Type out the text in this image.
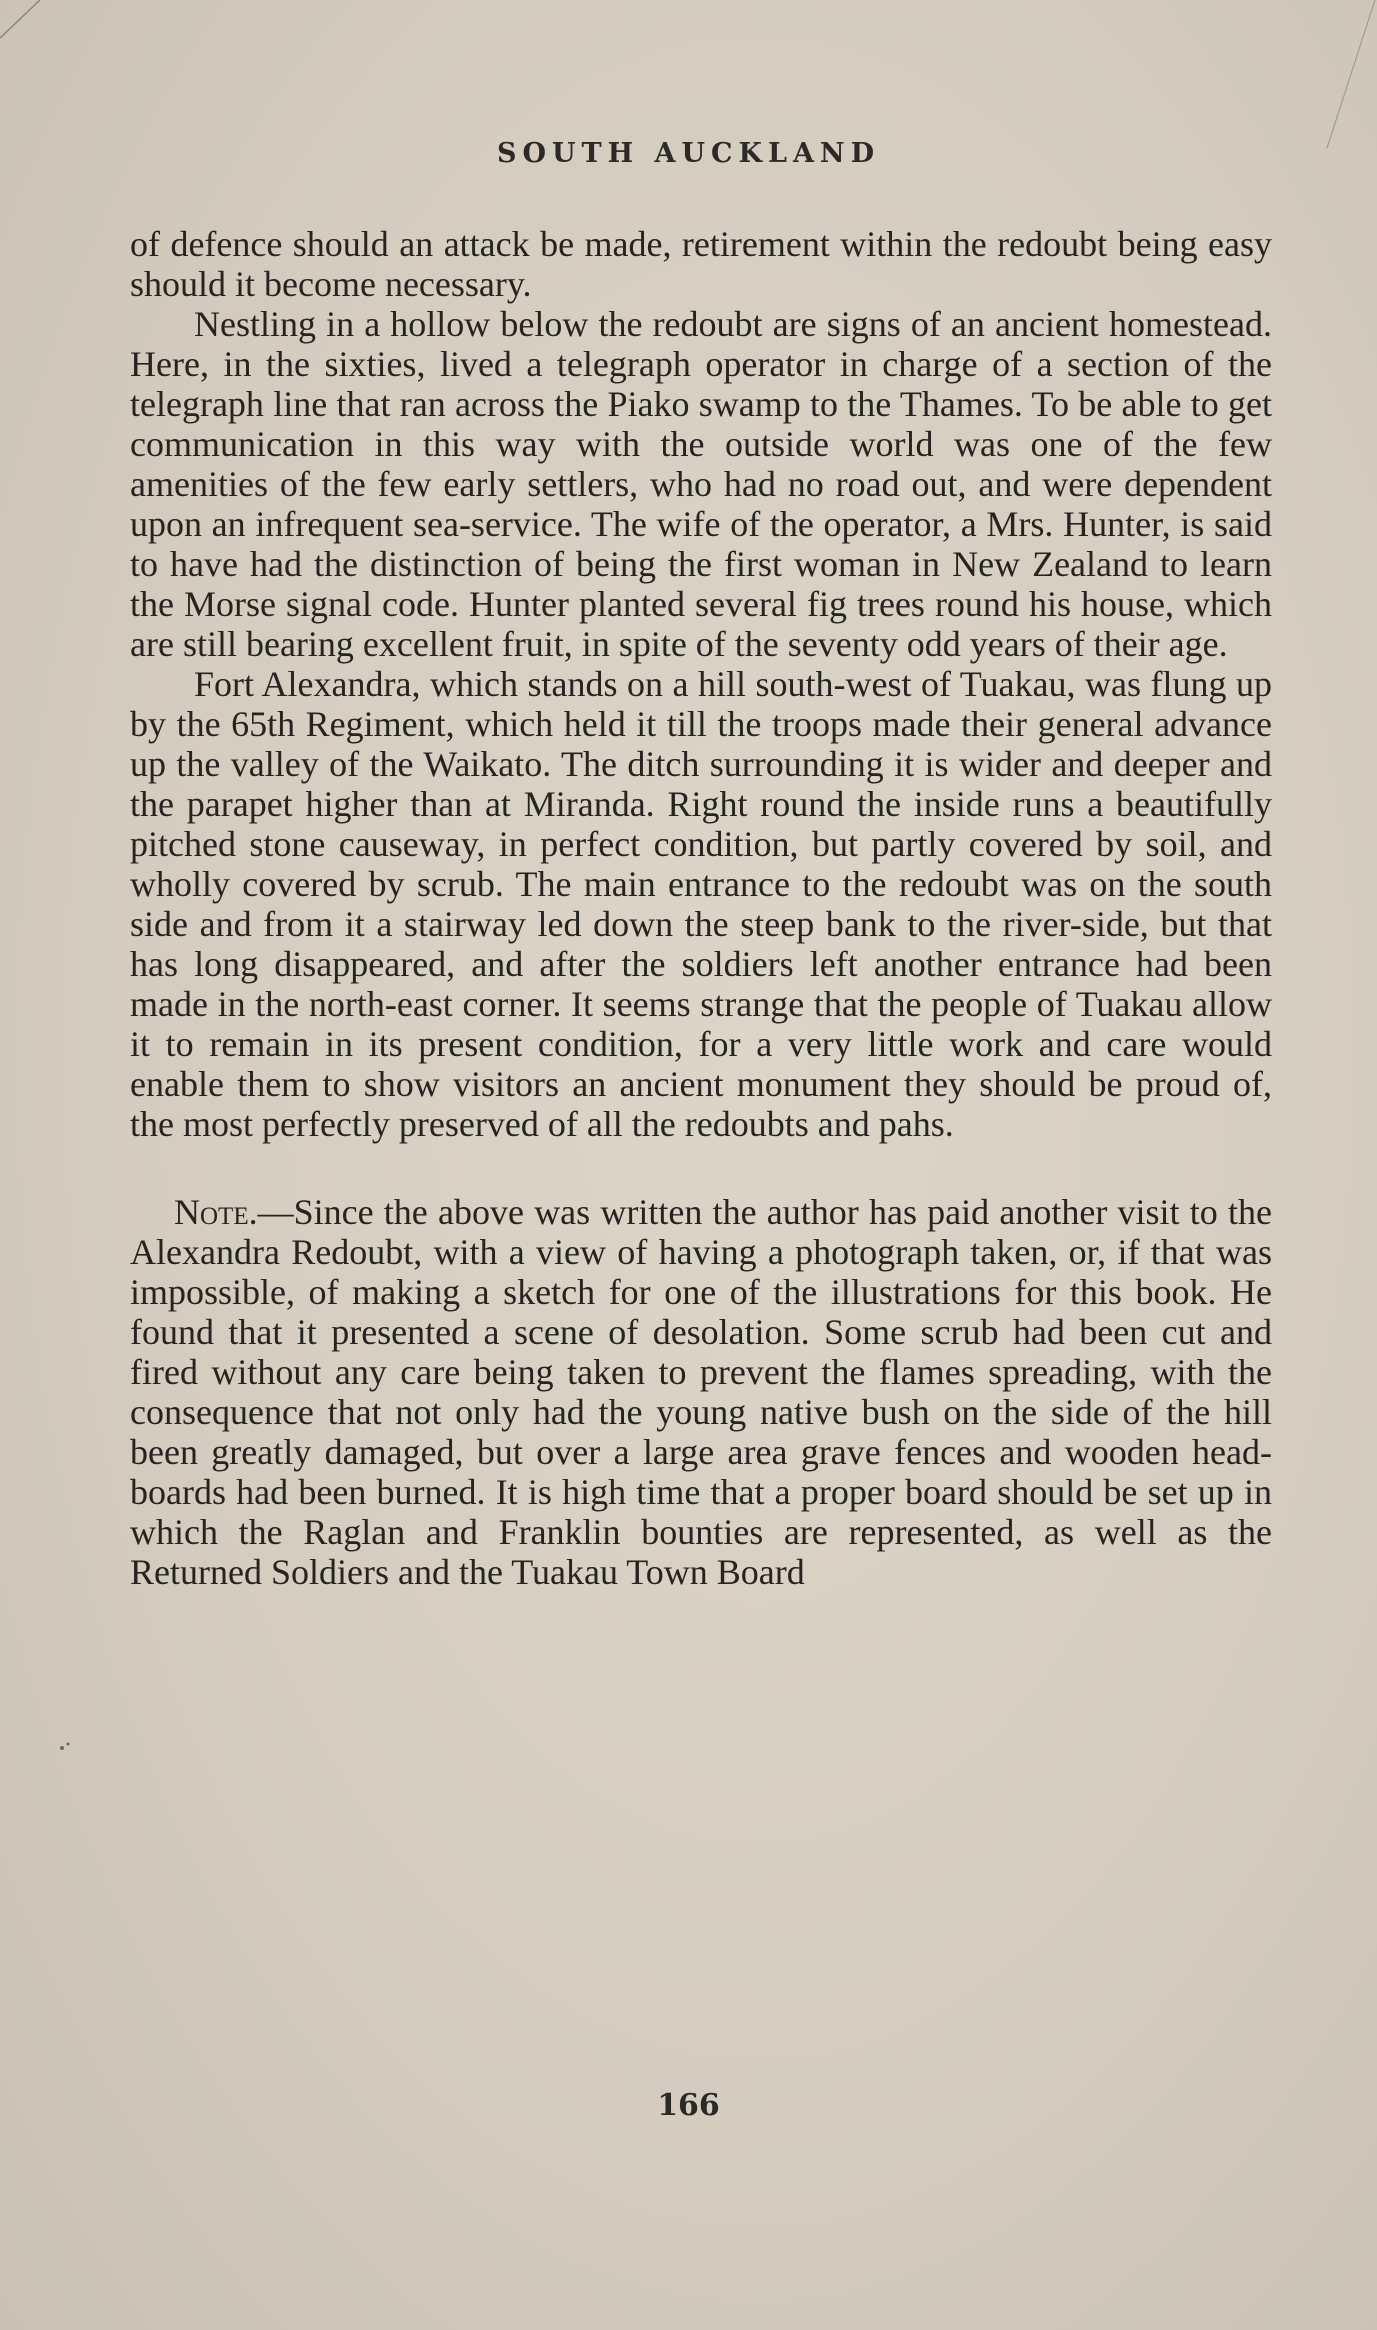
SOUTH AUCKLAND

of defence should an attack be made, retirement within the redoubt being easy should it become necessary.

Nestling in a hollow below the redoubt are signs of an ancient homestead. Here, in the sixties, lived a telegraph operator in charge of a section of the telegraph line that ran across the Piako swamp to the Thames. To be able to get communication in this way with the outside world was one of the few amenities of the few early settlers, who had no road out, and were dependent upon an infrequent sea-service. The wife of the operator, a Mrs. Hunter, is said to have had the distinction of being the first woman in New Zealand to learn the Morse signal code. Hunter planted several fig trees round his house, which are still bearing excellent fruit, in spite of the seventy odd years of their age.

Fort Alexandra, which stands on a hill south-west of Tuakau, was flung up by the 65th Regiment, which held it till the troops made their general advance up the valley of the Waikato. The ditch surrounding it is wider and deeper and the parapet higher than at Miranda. Right round the inside runs a beautifully pitched stone causeway, in perfect condition, but partly covered by soil, and wholly covered by scrub. The main entrance to the redoubt was on the south side and from it a stairway led down the steep bank to the river-side, but that has long disappeared, and after the soldiers left another entrance had been made in the north-east corner. It seems strange that the people of Tuakau allow it to remain in its present condition, for a very little work and care would enable them to show visitors an ancient monument they should be proud of, the most perfectly preserved of all the redoubts and pahs.

Note.—Since the above was written the author has paid another visit to the Alexandra Redoubt, with a view of having a photograph taken, or, if that was impossible, of making a sketch for one of the illustrations for this book. He found that it presented a scene of desolation. Some scrub had been cut and fired without any care being taken to prevent the flames spreading, with the consequence that not only had the young native bush on the side of the hill been greatly damaged, but over a large area grave fences and wooden head-boards had been burned. It is high time that a proper board should be set up in which the Raglan and Franklin bounties are represented, as well as the Returned Soldiers and the Tuakau Town Board

166
